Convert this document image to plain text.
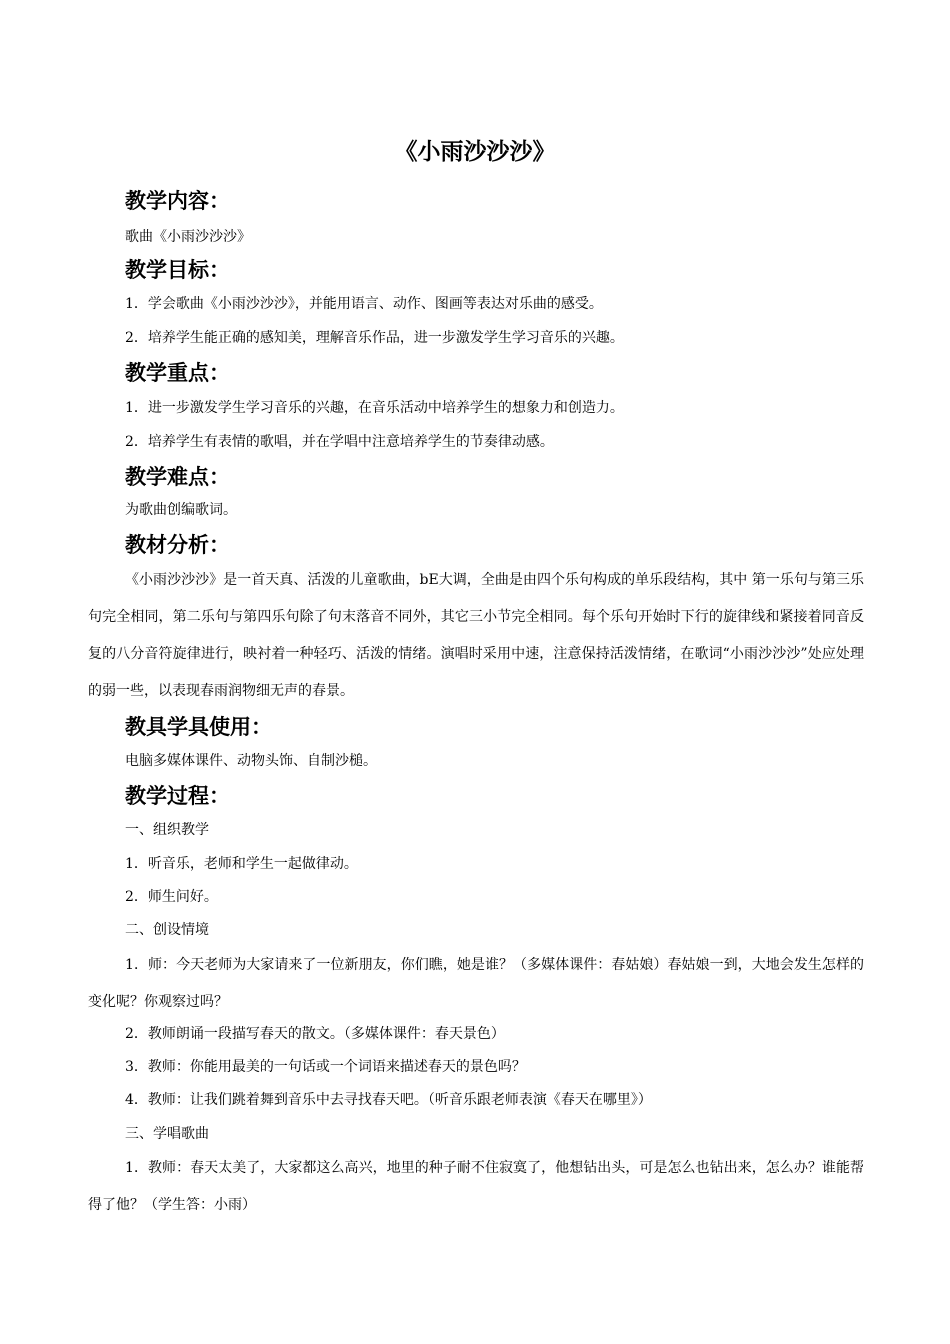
《小雨沙沙沙》
教学内容：
歌曲《小雨沙沙沙》
教学目标：
1．学会歌曲《小雨沙沙沙》，并能用语言、动作、图画等表达对乐曲的感受。
2．培养学生能正确的感知美，理解音乐作品，进一步激发学生学习音乐的兴趣。
教学重点：
1．进一步激发学生学习音乐的兴趣，在音乐活动中培养学生的想象力和创造力。
2．培养学生有表情的歌唱，并在学唱中注意培养学生的节奏律动感。
教学难点：
为歌曲创编歌词。
教材分析：
《小雨沙沙沙》是一首天真、活泼的儿童歌曲，bE大调，全曲是由四个乐句构成的单乐段结构，其中 第一乐句与第三乐句完全相同，第二乐句与第四乐句除了句末落音不同外，其它三小节完全相同。每个乐句开始时下行的旋律线和紧接着同音反复的八分音符旋律进行，映衬着一种轻巧、活泼的情绪。演唱时采用中速，注意保持活泼情绪，在歌词“小雨沙沙沙”处应处理的弱一些，以表现春雨润物细无声的春景。
教具学具使用：
电脑多媒体课件、动物头饰、自制沙槌。
教学过程：
一、组织教学
1．听音乐，老师和学生一起做律动。
2．师生问好。
二、创设情境
1．师：今天老师为大家请来了一位新朋友，你们瞧，她是谁？（多媒体课件：春姑娘）春姑娘一到，大地会发生怎样的变化呢？你观察过吗？
2．教师朗诵一段描写春天的散文。（多媒体课件：春天景色）
3．教师：你能用最美的一句话或一个词语来描述春天的景色吗？
4．教师：让我们跳着舞到音乐中去寻找春天吧。（听音乐跟老师表演《春天在哪里》）
三、学唱歌曲
1．教师：春天太美了，大家都这么高兴，地里的种子耐不住寂寞了，他想钻出头，可是怎么也钻出来，怎么办？谁能帮得了他？（学生答：小雨）
